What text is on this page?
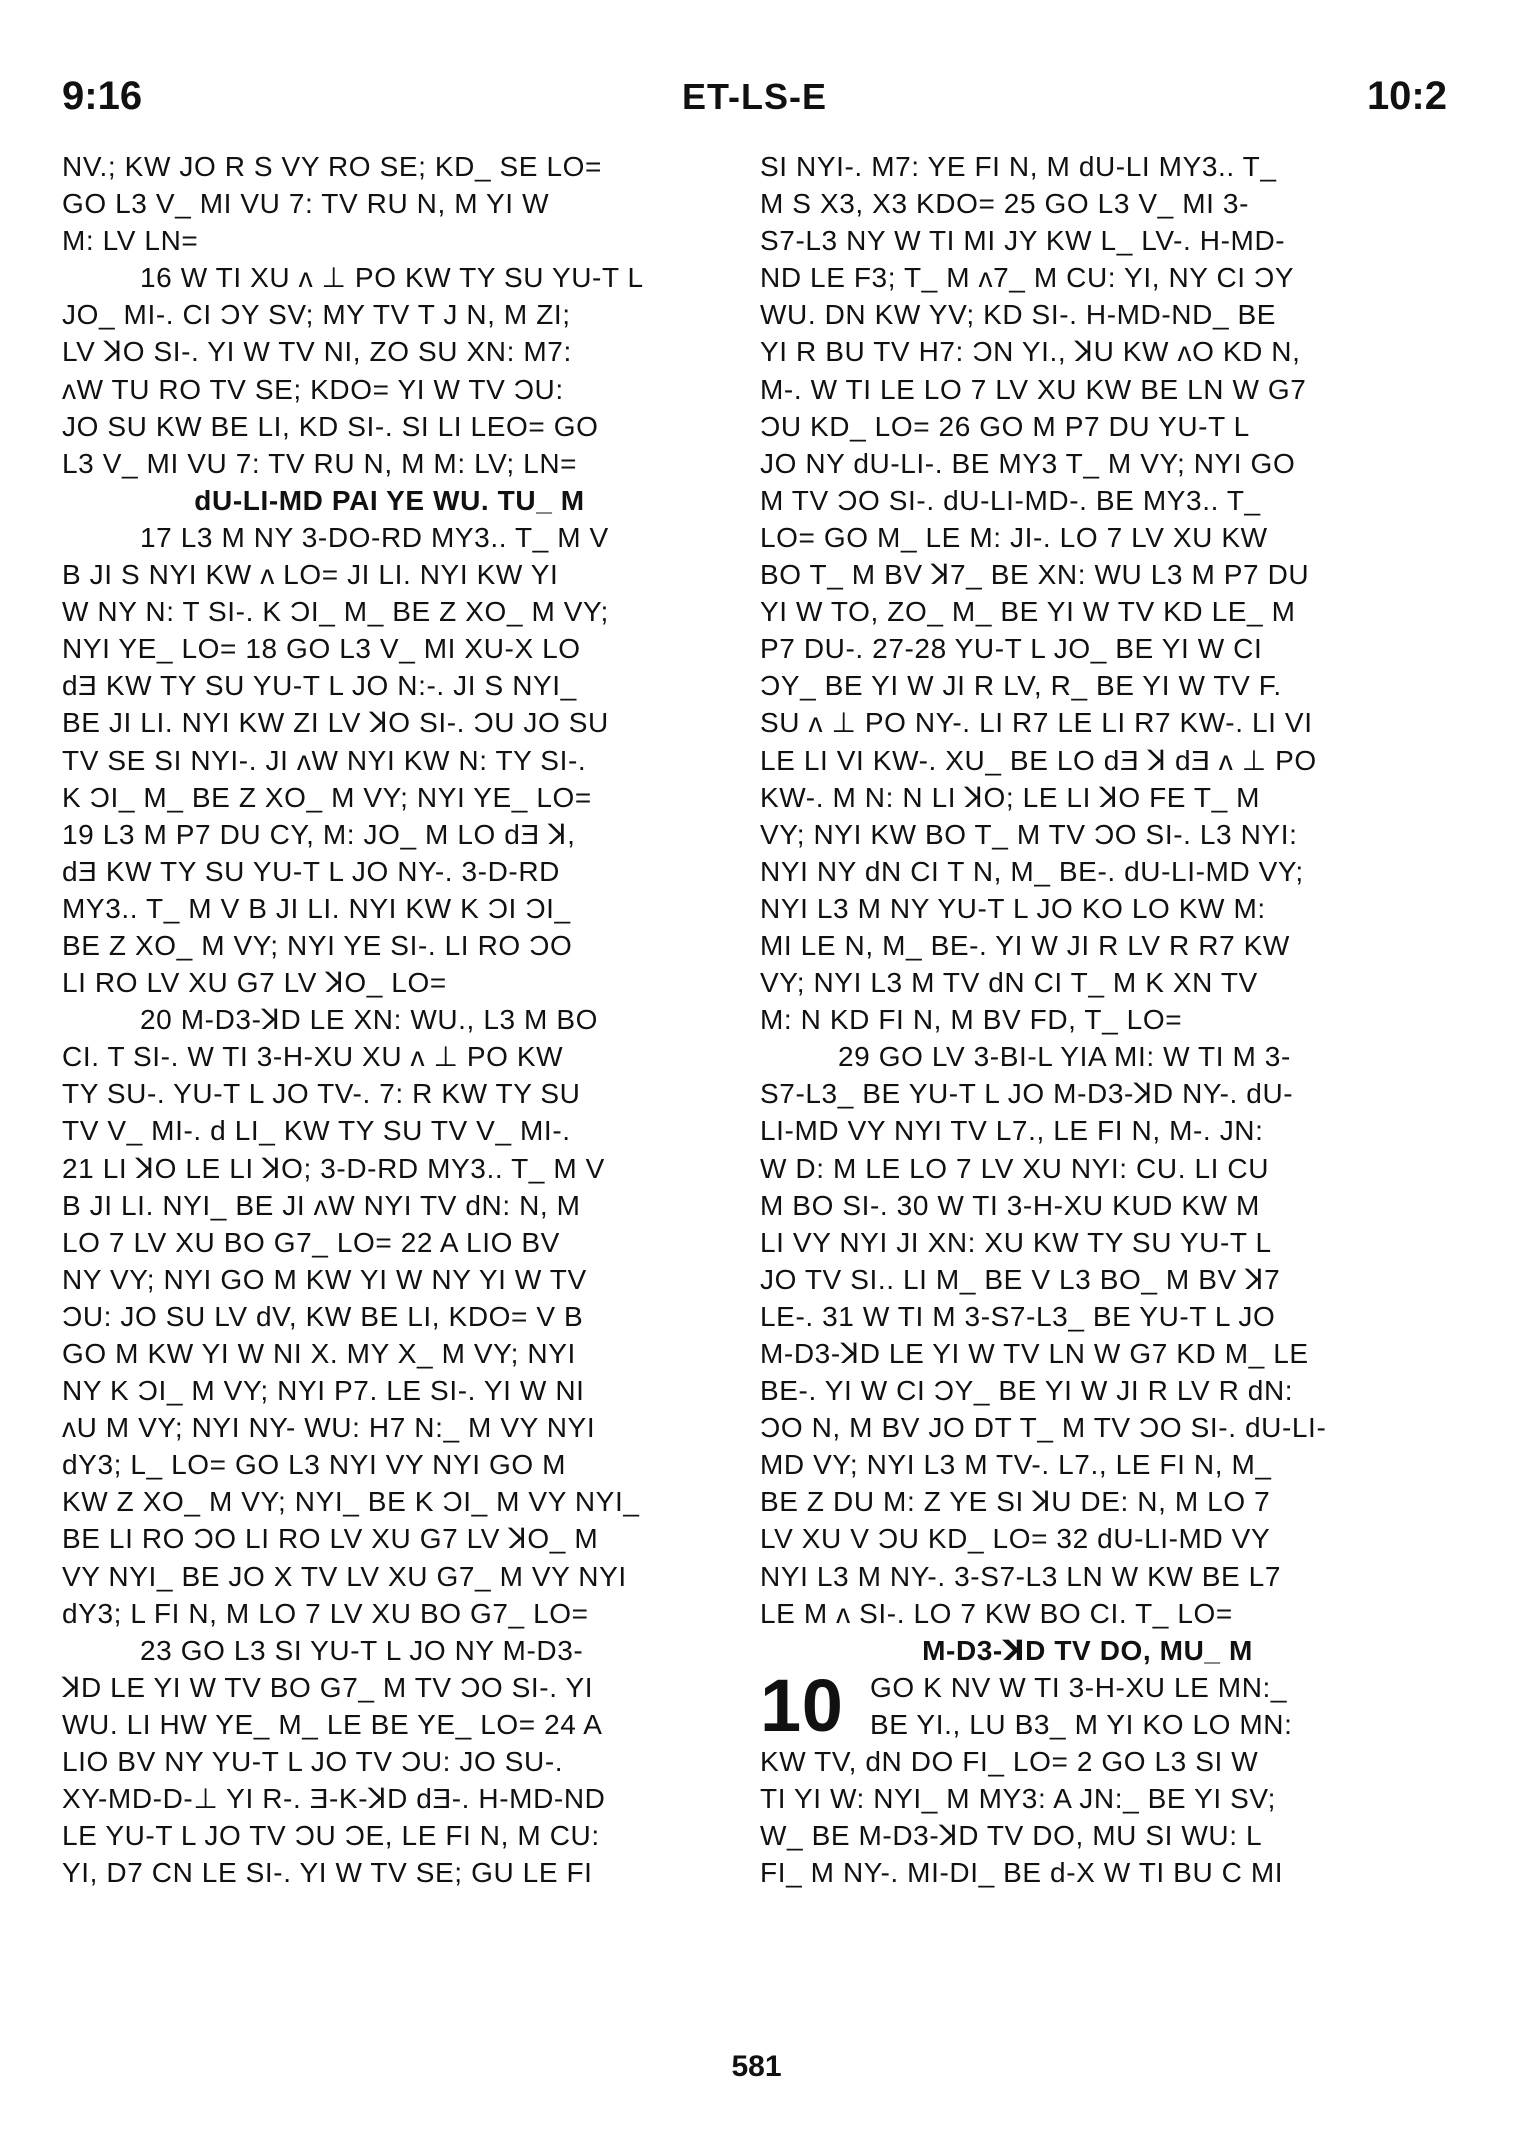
9:16	ET-LS-E	10:2
NV.; KW JO R S VY RO SE; KD_ SE LO=
GO L3 V_ MI VU 7: TV RU N, M YI W
M: LV LN=
16 W TI XU ʌ ⊥ PO KW TY SU YU-T L
JO_ MI-. CI ƆY SV; MY TV T J N, M ZI;
LV ꓘO SI-. YI W TV NI, ZO SU XN: M7:
ʌW TU RO TV SE; KDO= YI W TV ƆU:
JO SU KW BE LI, KD SI-. SI LI LEO= GO
L3 V_ MI VU 7: TV RU N, M M: LV; LN=
dU-LI-MD PAI YE WU. TU_ M
17 L3 M NY 3-DO-RD MY3.. T_ M V
B JI S NYI KW ʌ LO= JI LI. NYI KW YI
W NY N: T SI-. K ƆI_ M_ BE Z XO_ M VY;
NYI YE_ LO= 18 GO L3 V_ MI XU-X LO
dƎ KW TY SU YU-T L JO N:-. JI S NYI_
BE JI LI. NYI KW ZI LV ꓘO SI-. ƆU JO SU
TV SE SI NYI-. JI ʌW NYI KW N: TY SI-.
K ƆI_ M_ BE Z XO_ M VY; NYI YE_ LO=
19 L3 M P7 DU CY, M: JO_ M LO dƎ ꓘ,
dƎ KW TY SU YU-T L JO NY-. 3-D-RD
MY3.. T_ M V B JI LI. NYI KW K ƆI ƆI_
BE Z XO_ M VY; NYI YE SI-. LI RO ƆO
LI RO LV XU G7 LV ꓘO_ LO=
20 M-D3-ꓘD LE XN: WU., L3 M BO
CI. T SI-. W TI 3-H-XU XU ʌ ⊥ PO KW
TY SU-. YU-T L JO TV-. 7: R KW TY SU
TV V_ MI-. d LI_ KW TY SU TV V_ MI-.
21 LI ꓘO LE LI ꓘO; 3-D-RD MY3.. T_ M V
B JI LI. NYI_ BE JI ʌW NYI TV dN: N, M
LO 7 LV XU BO G7_ LO= 22 A LIO BV
NY VY; NYI GO M KW YI W NY YI W TV
ƆU: JO SU LV dV, KW BE LI, KDO= V B
GO M KW YI W NI X. MY X_ M VY; NYI
NY K ƆI_ M VY; NYI P7. LE SI-. YI W NI
ʌU M VY; NYI NY- WU: H7 N:_ M VY NYI
dY3; L_ LO= GO L3 NYI VY NYI GO M
KW Z XO_ M VY; NYI_ BE K ƆI_ M VY NYI_
BE LI RO ƆO LI RO LV XU G7 LV ꓘO_ M
VY NYI_ BE JO X TV LV XU G7_ M VY NYI
dY3; L FI N, M LO 7 LV XU BO G7_ LO=
23 GO L3 SI YU-T L JO NY M-D3-
ꓘD LE YI W TV BO G7_ M TV ƆO SI-. YI
WU. LI HW YE_ M_ LE BE YE_ LO= 24 A
LIO BV NY YU-T L JO TV ƆU: JO SU-.
XY-MD-D-⊥ YI R-. Ǝ-K-ꓘD dƎ-. H-MD-ND
LE YU-T L JO TV ƆU ƆE, LE FI N, M CU:
YI, D7 CN LE SI-. YI W TV SE; GU LE FI
SI NYI-. M7: YE FI N, M dU-LI MY3.. T_
M S X3, X3 KDO= 25 GO L3 V_ MI 3-
S7-L3 NY W TI MI JY KW L_ LV-. H-MD-
ND LE F3; T_ M ʌ7_ M CU: YI, NY CI ƆY
WU. DN KW YV; KD SI-. H-MD-ND_ BE
YI R BU TV H7: ƆN YI., ꓘU KW ʌO KD N,
M-. W TI LE LO 7 LV XU KW BE LN W G7
ƆU KD_ LO= 26 GO M P7 DU YU-T L
JO NY dU-LI-. BE MY3 T_ M VY; NYI GO
M TV ƆO SI-. dU-LI-MD-. BE MY3.. T_
LO= GO M_ LE M: JI-. LO 7 LV XU KW
BO T_ M BV ꓘ7_ BE XN: WU L3 M P7 DU
YI W TO, ZO_ M_ BE YI W TV KD LE_ M
P7 DU-. 27-28 YU-T L JO_ BE YI W CI
ƆY_ BE YI W JI R LV, R_ BE YI W TV F.
SU ʌ ⊥ PO NY-. LI R7 LE LI R7 KW-. LI VI
LE LI VI KW-. XU_ BE LO dƎ ꓘ dƎ ʌ ⊥ PO
KW-. M N: N LI ꓘO; LE LI ꓘO FE T_ M
VY; NYI KW BO T_ M TV ƆO SI-. L3 NYI:
NYI NY dN CI T N, M_ BE-. dU-LI-MD VY;
NYI L3 M NY YU-T L JO KO LO KW M:
MI LE N, M_ BE-. YI W JI R LV R R7 KW
VY; NYI L3 M TV dN CI T_ M K XN TV
M: N KD FI N, M BV FD, T_ LO=
29 GO LV 3-BI-L YIA MI: W TI M 3-
S7-L3_ BE YU-T L JO M-D3-ꓘD NY-. dU-
LI-MD VY NYI TV L7., LE FI N, M-. JN:
W D: M LE LO 7 LV XU NYI: CU. LI CU
M BO SI-. 30 W TI 3-H-XU KUD KW M
LI VY NYI JI XN: XU KW TY SU YU-T L
JO TV SI.. LI M_ BE V L3 BO_ M BV ꓘ7
LE-. 31 W TI M 3-S7-L3_ BE YU-T L JO
M-D3-ꓘD LE YI W TV LN W G7 KD M_ LE
BE-. YI W CI ƆY_ BE YI W JI R LV R dN:
ƆO N, M BV JO DT T_ M TV ƆO SI-. dU-LI-
MD VY; NYI L3 M TV-. L7., LE FI N, M_
BE Z DU M: Z YE SI ꓘU DE: N, M LO 7
LV XU V ƆU KD_ LO= 32 dU-LI-MD VY
NYI L3 M NY-. 3-S7-L3 LN W KW BE L7
LE M ʌ SI-. LO 7 KW BO CI. T_ LO=
M-D3-ꓘD TV DO, MU_ M
10 GO K NV W TI 3-H-XU LE MN:_
BE YI., LU B3_ M YI KO LO MN:
KW TV, dN DO FI_ LO= 2 GO L3 SI W
TI YI W: NYI_ M MY3: A JN:_ BE YI SV;
W_ BE M-D3-ꓘD TV DO, MU SI WU: L
FI_ M NY-. MI-DI_ BE d-X W TI BU C MI
581
